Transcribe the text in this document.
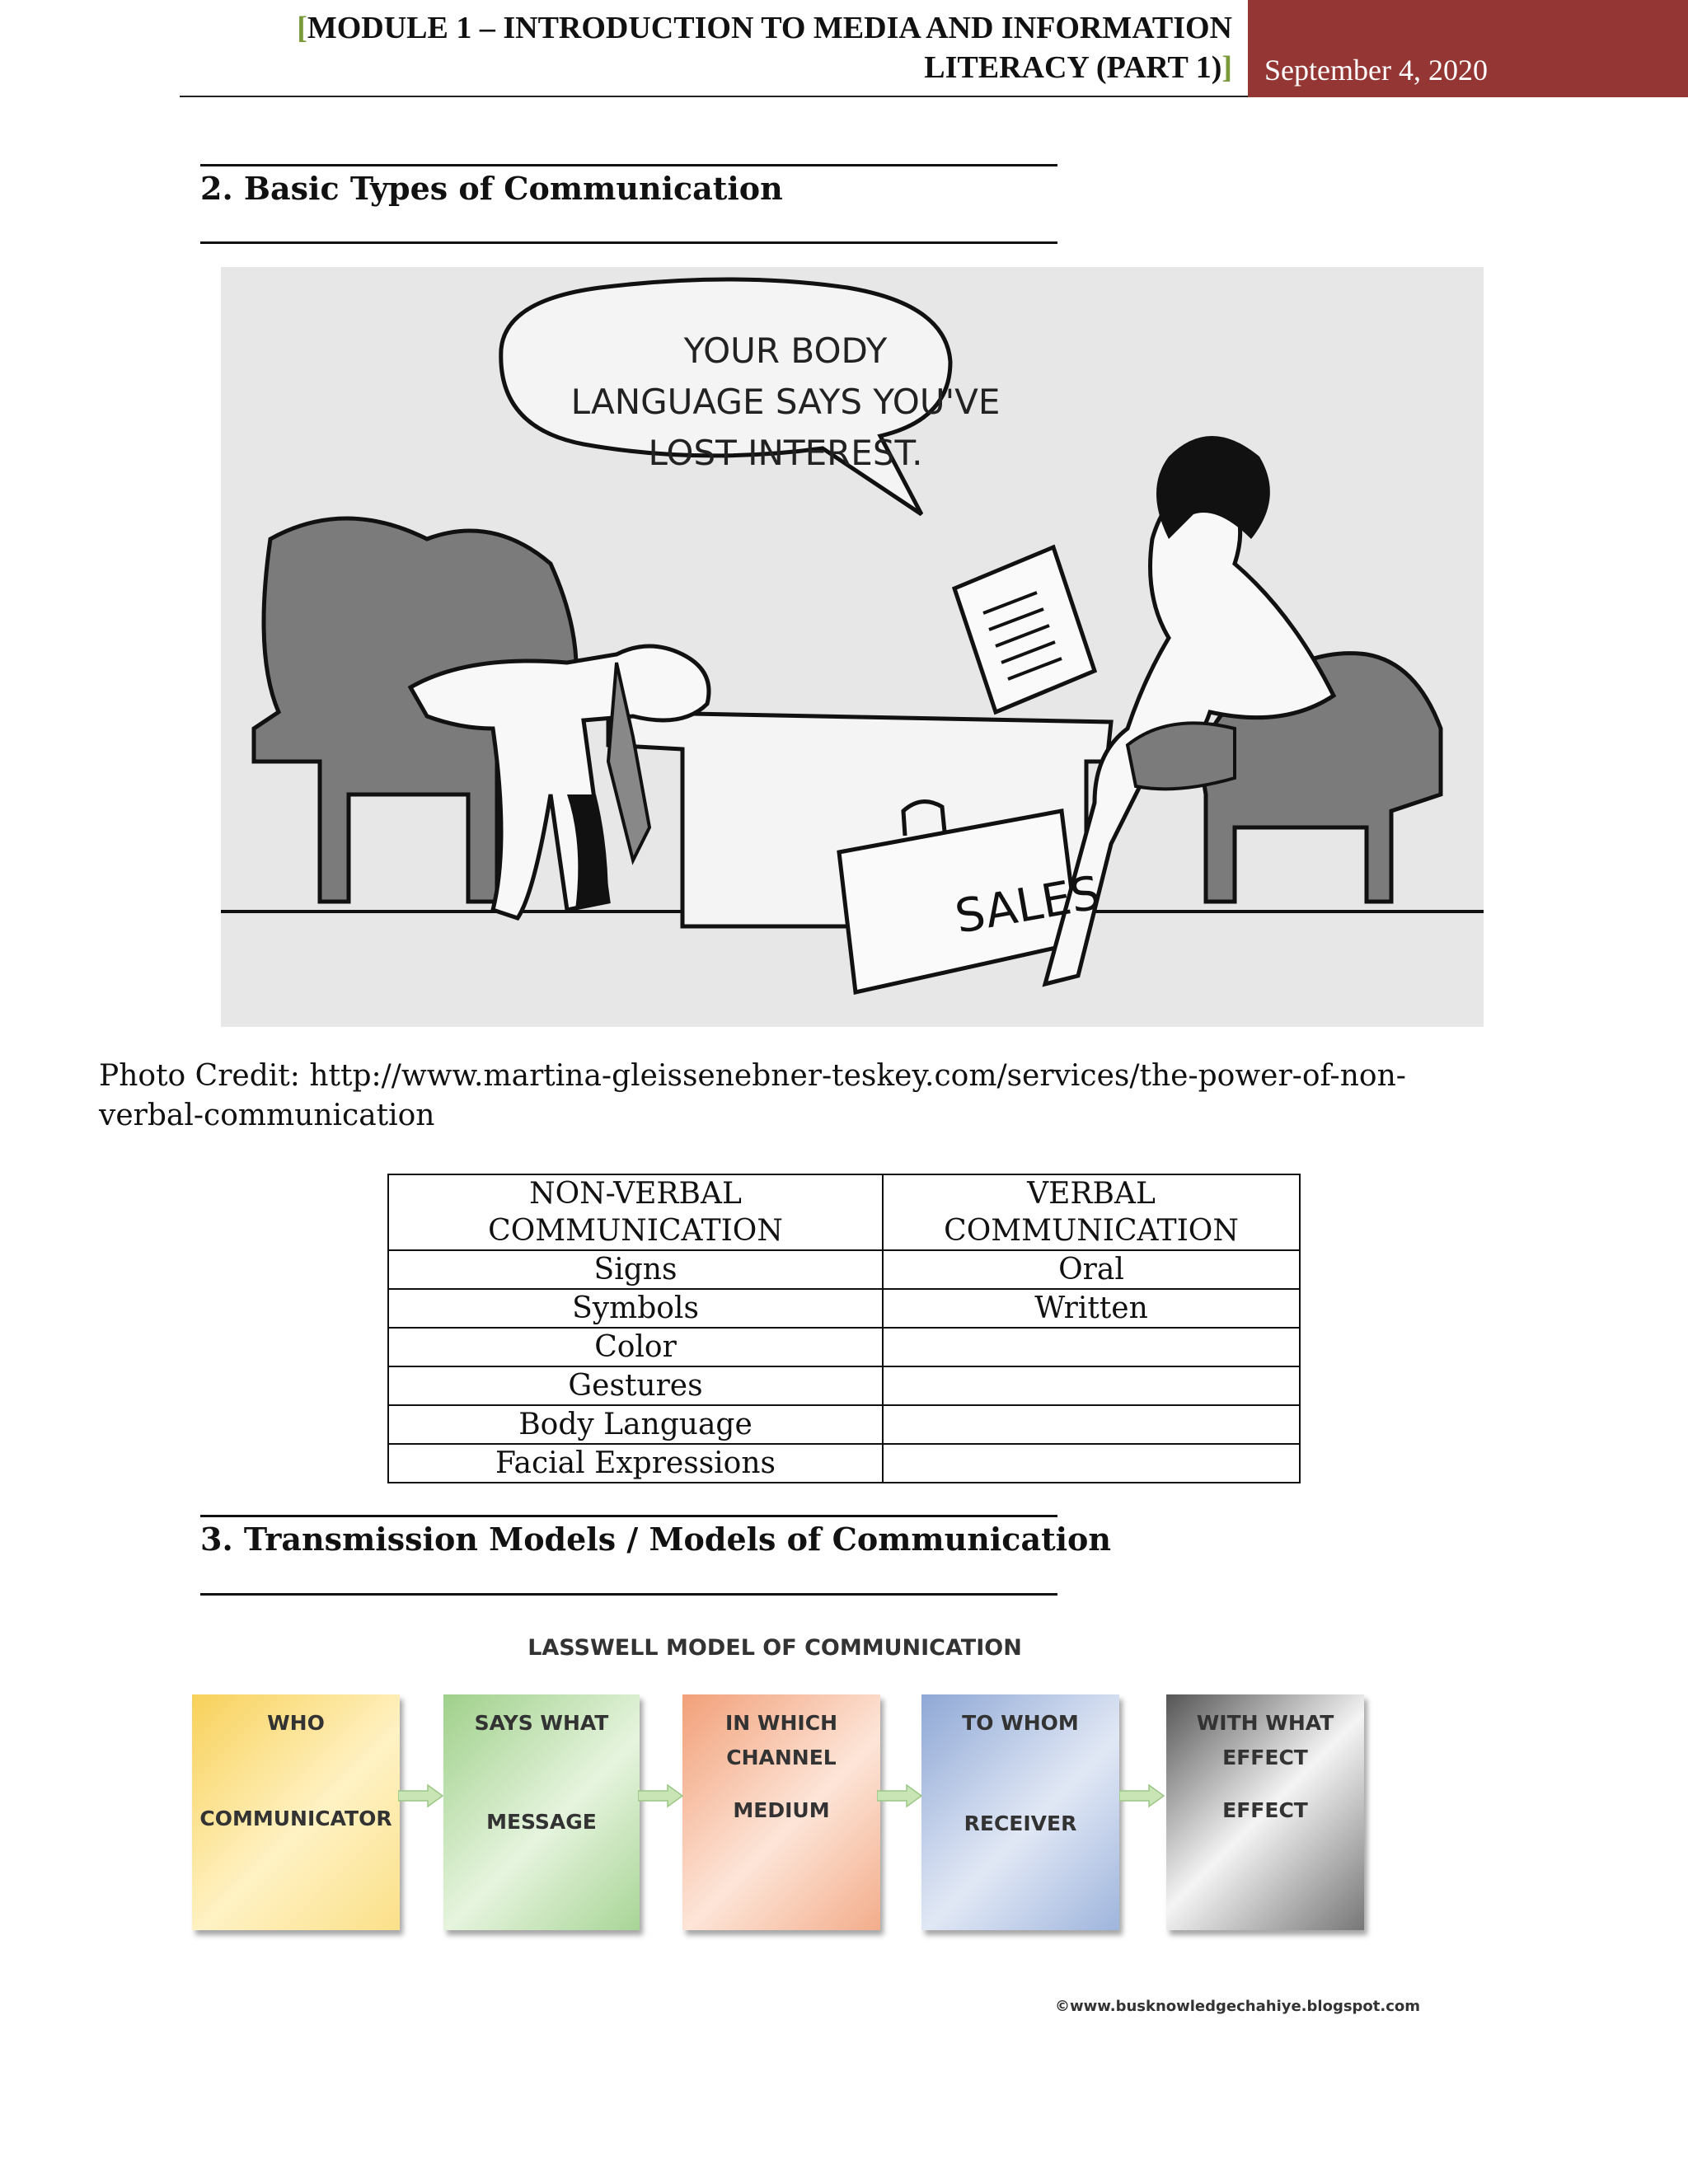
[MODULE 1 – INTRODUCTION TO MEDIA AND INFORMATION
LITERACY (PART 1)]	September 4, 2020
2. Basic Types of Communication
YOUR BODY
LANGUAGE SAYS YOU'VE
LOST INTEREST.
SALES
Photo Credit: http://www.martina-gleissenebner-teskey.com/services/the-power-of-non-verbal-communication
NON-VERBAL COMMUNICATION	VERBAL COMMUNICATION
Signs	Oral
Symbols	Written
Color	
Gestures	
Body Language	
Facial Expressions	
3. Transmission Models / Models of Communication
LASSWELL MODEL OF COMMUNICATION
WHO
COMMUNICATOR
SAYS WHAT
MESSAGE
IN WHICH CHANNEL
MEDIUM
TO WHOM
RECEIVER
WITH WHAT EFFECT
EFFECT
©www.busknowledgechahiye.blogspot.com
